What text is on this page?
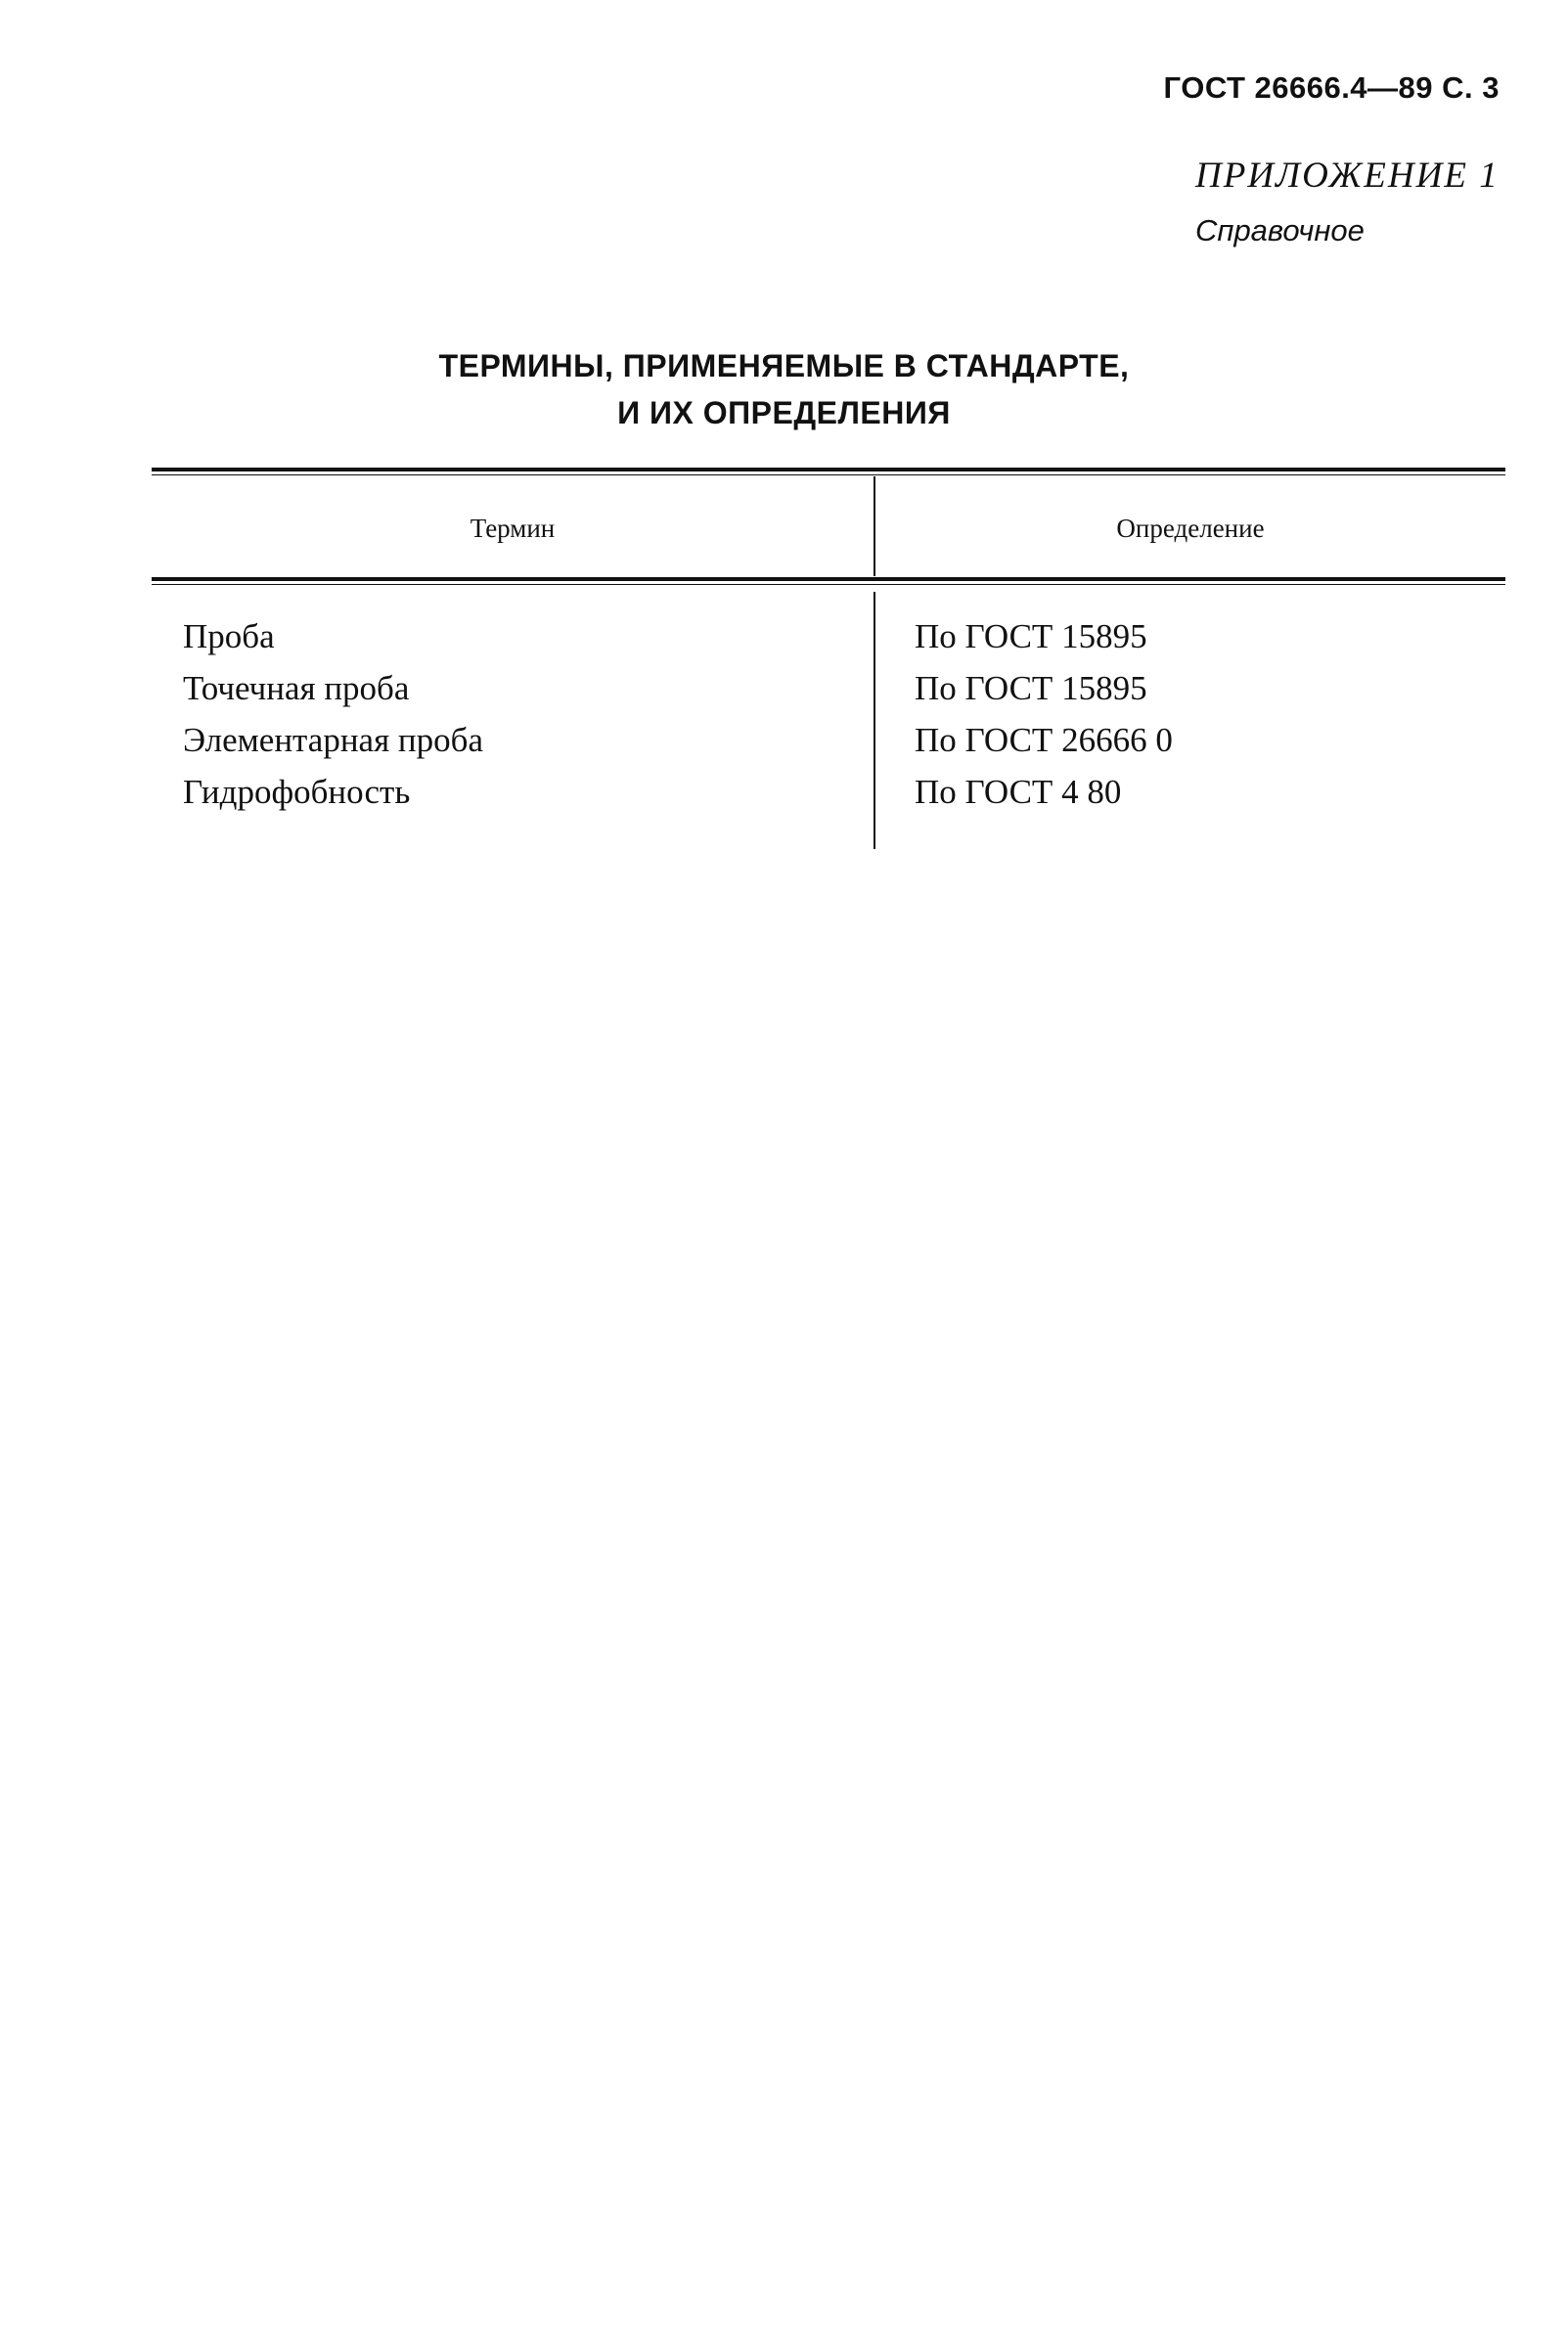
ГОСТ 26666.4—89 С. 3
ПРИЛОЖЕНИЕ 1
Справочное
ТЕРМИНЫ, ПРИМЕНЯЕМЫЕ В СТАНДАРТЕ,
И ИХ ОПРЕДЕЛЕНИЯ
Термин	Определение
Проба
Точечная проба
Элементарная проба
Гидрофобность
По ГОСТ 15895
По ГОСТ 15895
По ГОСТ 26666 0
По ГОСТ 4 80
